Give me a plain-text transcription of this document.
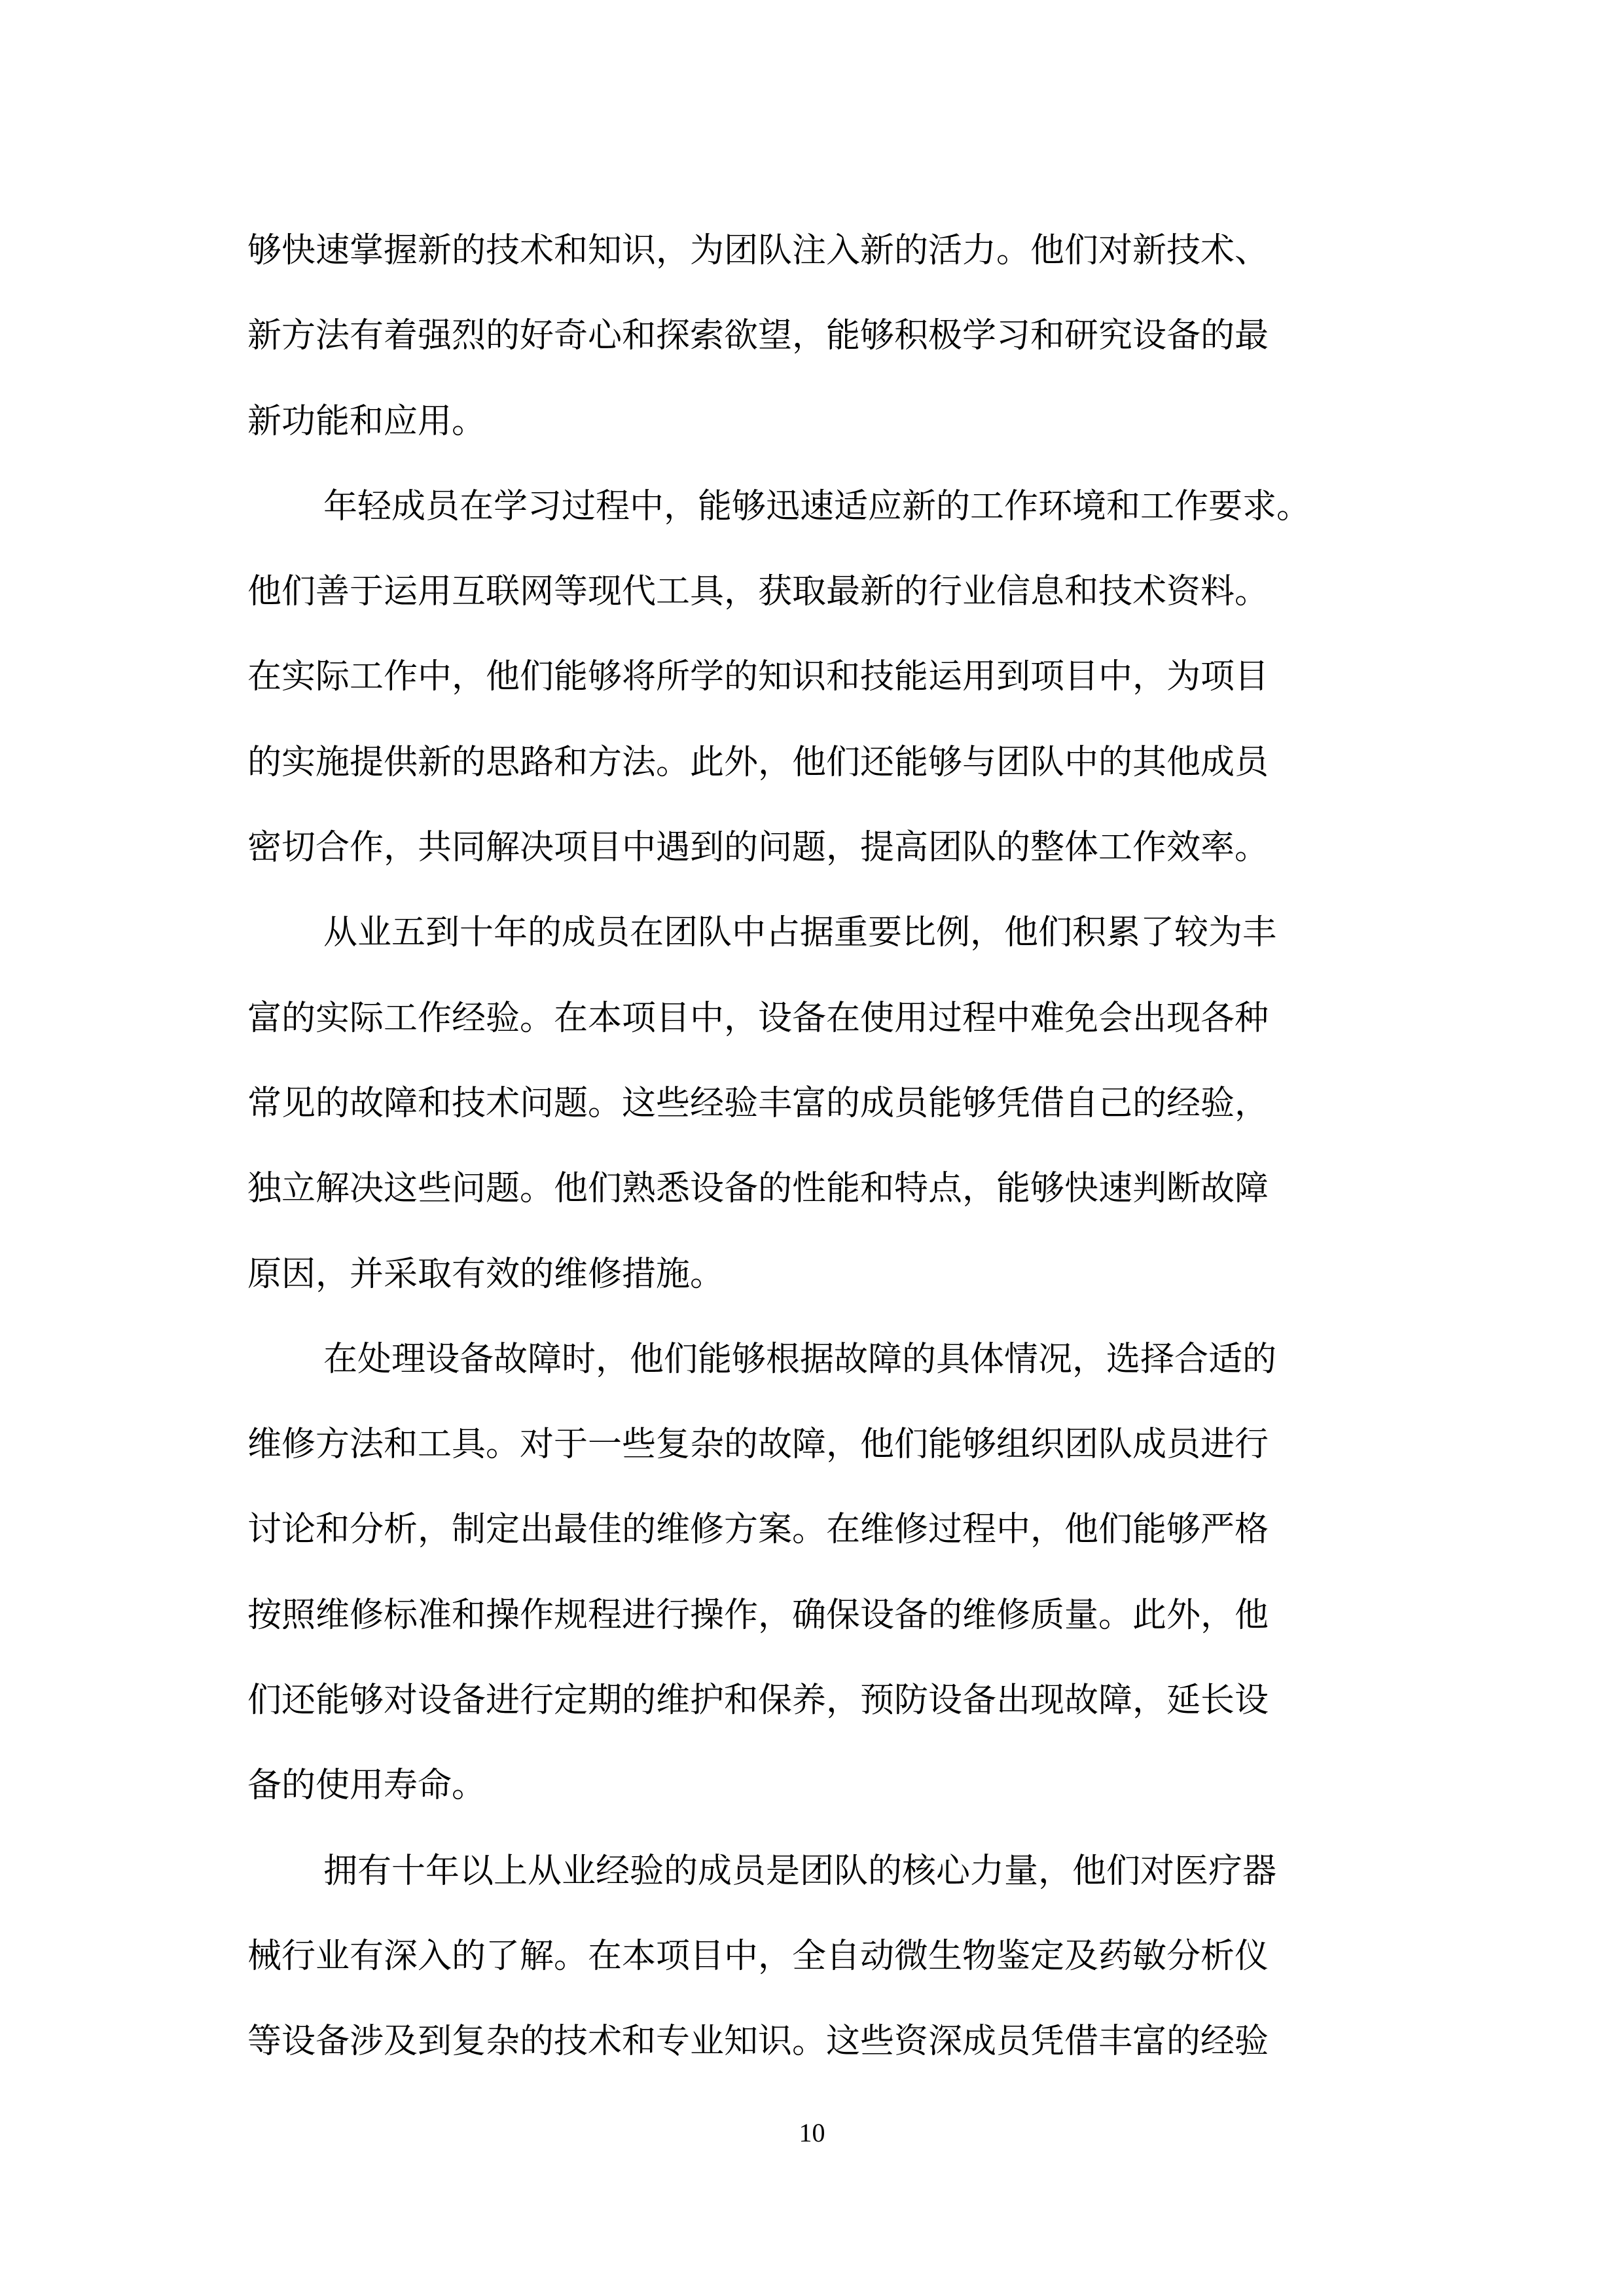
够快速掌握新的技术和知识，为团队注入新的活力。他们对新技术、
新方法有着强烈的好奇心和探索欲望，能够积极学习和研究设备的最
新功能和应用。
年轻成员在学习过程中，能够迅速适应新的工作环境和工作要求。
他们善于运用互联网等现代工具，获取最新的行业信息和技术资料。
在实际工作中，他们能够将所学的知识和技能运用到项目中，为项目
的实施提供新的思路和方法。此外，他们还能够与团队中的其他成员
密切合作，共同解决项目中遇到的问题，提高团队的整体工作效率。
从业五到十年的成员在团队中占据重要比例，他们积累了较为丰
富的实际工作经验。在本项目中，设备在使用过程中难免会出现各种
常见的故障和技术问题。这些经验丰富的成员能够凭借自己的经验，
独立解决这些问题。他们熟悉设备的性能和特点，能够快速判断故障
原因，并采取有效的维修措施。
在处理设备故障时，他们能够根据故障的具体情况，选择合适的
维修方法和工具。对于一些复杂的故障，他们能够组织团队成员进行
讨论和分析，制定出最佳的维修方案。在维修过程中，他们能够严格
按照维修标准和操作规程进行操作，确保设备的维修质量。此外，他
们还能够对设备进行定期的维护和保养，预防设备出现故障，延长设
备的使用寿命。
拥有十年以上从业经验的成员是团队的核心力量，他们对医疗器
械行业有深入的了解。在本项目中，全自动微生物鉴定及药敏分析仪
等设备涉及到复杂的技术和专业知识。这些资深成员凭借丰富的经验
10
